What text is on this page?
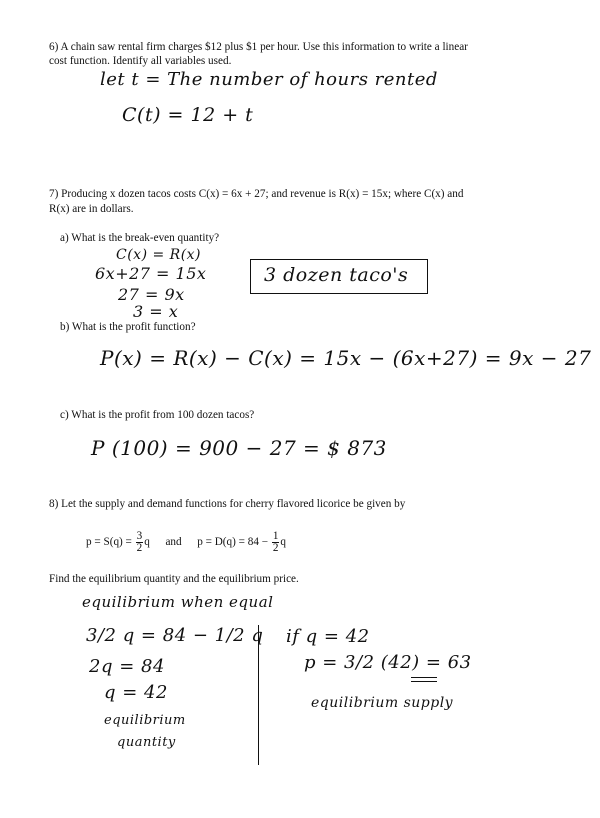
6) A chain saw rental firm charges $12 plus $1 per hour. Use this information to write a linear
cost function. Identify all variables used.
let t = The number of hours rented
C(t) = 12 + t
7) Producing x dozen tacos costs C(x) = 6x + 27; and revenue is R(x) = 15x; where C(x) and
R(x) are in dollars.
a) What is the break-even quantity?
C(x) = R(x)
6x+27 = 15x
27 = 9x
3 = x
3 dozen taco's
b) What is the profit function?
P(x) = R(x) − C(x) = 15x − (6x+27) = 9x − 27
c) What is the profit from 100 dozen tacos?
P (100) = 900 − 27 = $ 873
8) Let the supply and demand functions for cherry flavored licorice be given by
$p = S(q) = \frac{3}{2}$ q and $p = D(q) = 84 - \frac{1}{2}$ q
Find the equilibrium quantity and the equilibrium price.
equilibrium when equal
3/2 q = 84 − 1/2 q
2q = 84
q = 42
equilibrium
quantity
if q = 42
p = 3/2 (42) = 63
equilibrium supply
